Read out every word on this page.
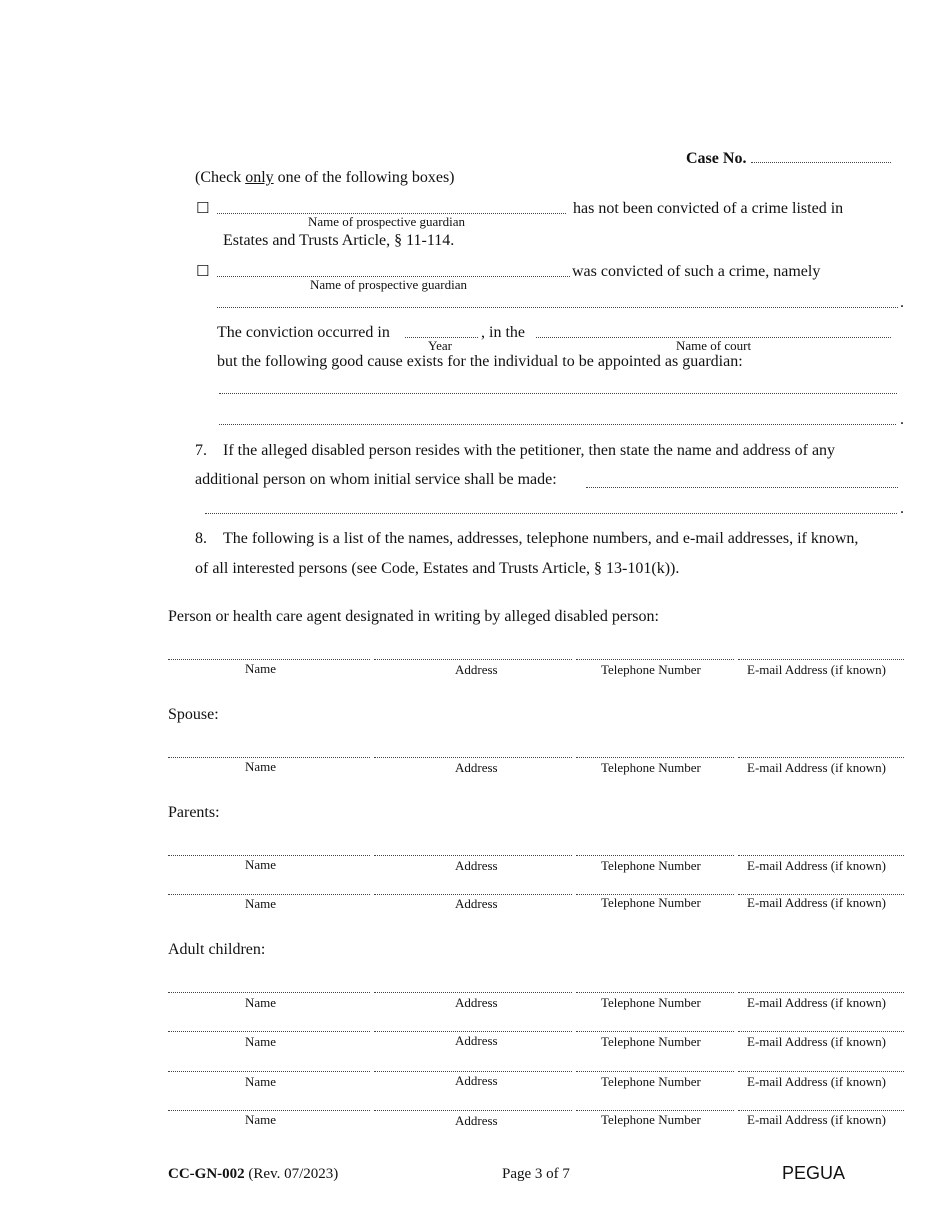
Case No.
(Check only one of the following boxes)
☐
Name of prospective guardian
has not been convicted of a crime listed in
Estates and Trusts Article, § 11-114.
☐
Name of prospective guardian
was convicted of such a crime, namely
.
The conviction occurred in
Year
, in the
Name of court
but the following good cause exists for the individual to be appointed as guardian:
.
7. If the alleged disabled person resides with the petitioner, then state the name and address of any
additional person on whom initial service shall be made:
.
8. The following is a list of the names, addresses, telephone numbers, and e-mail addresses, if known,
of all interested persons (see Code, Estates and Trusts Article, § 13-101(k)).
Person or health care agent designated in writing by alleged disabled person:
Name	Address	Telephone Number	E-mail Address (if known)
Spouse:
Name	Address	Telephone Number	E-mail Address (if known)
Parents:
Name	Address	Telephone Number	E-mail Address (if known)
Name	Address	Telephone Number	E-mail Address (if known)
Adult children:
Name	Address	Telephone Number	E-mail Address (if known)
Name	Address	Telephone Number	E-mail Address (if known)
Name	Address	Telephone Number	E-mail Address (if known)
Name	Address	Telephone Number	E-mail Address (if known)
CC-GN-002 (Rev. 07/2023)	Page 3 of 7	PEGUA
